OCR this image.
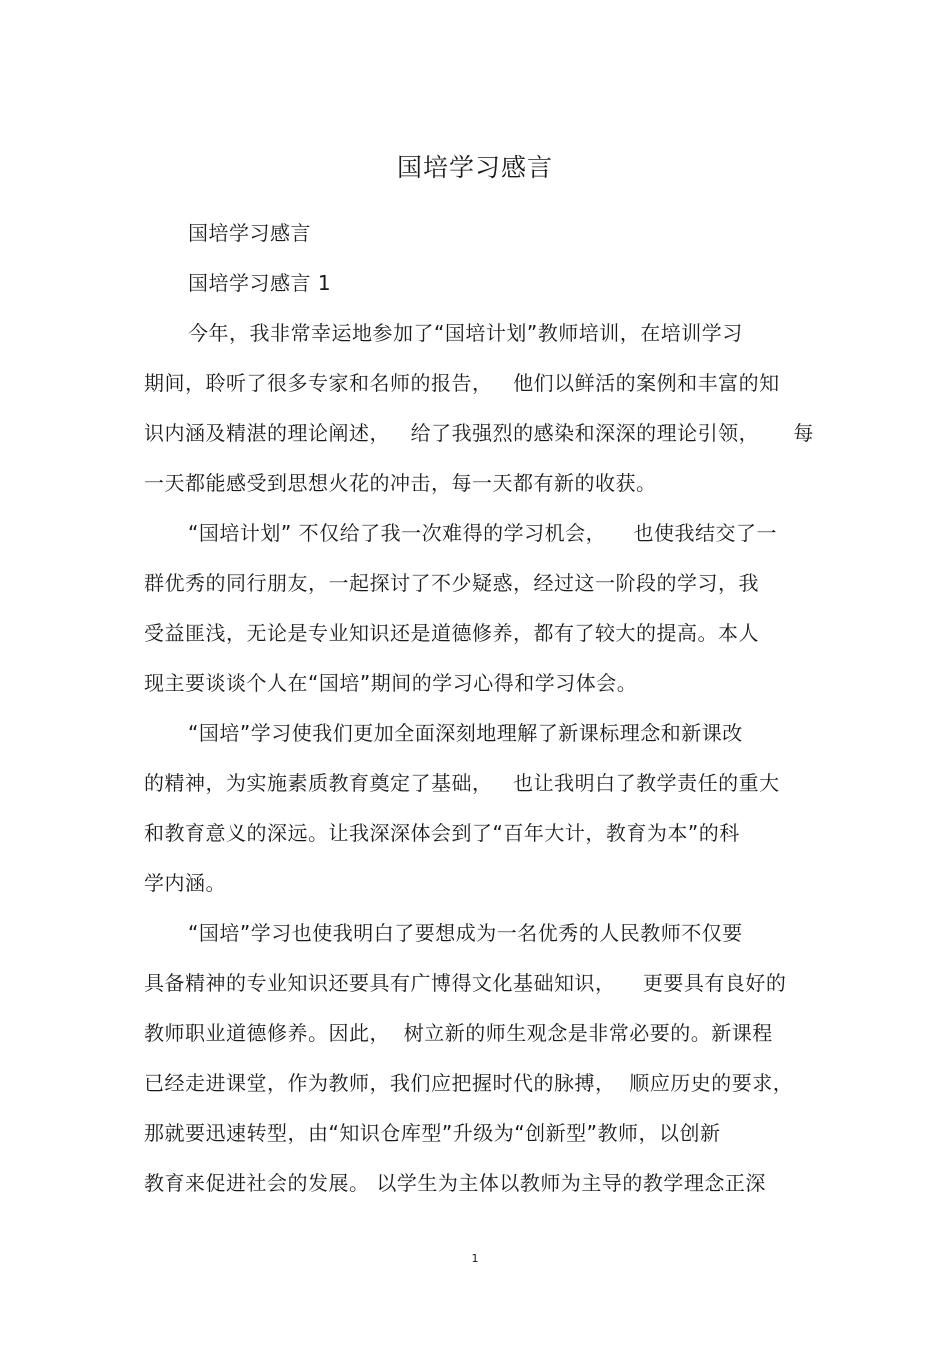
国培学习感言
国培学习感言
国培学习感言 1
今年，我非常幸运地参加了“国培计划”教师培训，在培训学习
期间，聆听了很多专家和名师的报告，   他们以鲜活的案例和丰富的知
识内涵及精湛的理论阐述，   给了我强烈的感染和深深的理论引领，     每
一天都能感受到思想火花的冲击，每一天都有新的收获。
“国培计划” 不仅给了我一次难得的学习机会，    也使我结交了一
群优秀的同行朋友，一起探讨了不少疑惑，经过这一阶段的学习，我
受益匪浅，无论是专业知识还是道德修养，都有了较大的提高。本人
现主要谈谈个人在“国培”期间的学习心得和学习体会。
“国培”学习使我们更加全面深刻地理解了新课标理念和新课改
的精神，为实施素质教育奠定了基础，   也让我明白了教学责任的重大
和教育意义的深远。让我深深体会到了“百年大计，教育为本”的科
学内涵。
“国培”学习也使我明白了要想成为一名优秀的人民教师不仅要
具备精神的专业知识还要具有广博得文化基础知识，    更要具有良好的
教师职业道德修养。因此，  树立新的师生观念是非常必要的。新课程
已经走进课堂，作为教师，我们应把握时代的脉搏，  顺应历史的要求，
那就要迅速转型，由“知识仓库型”升级为“创新型”教师，以创新
教育来促进社会的发展。 以学生为主体以教师为主导的教学理念正深
1
